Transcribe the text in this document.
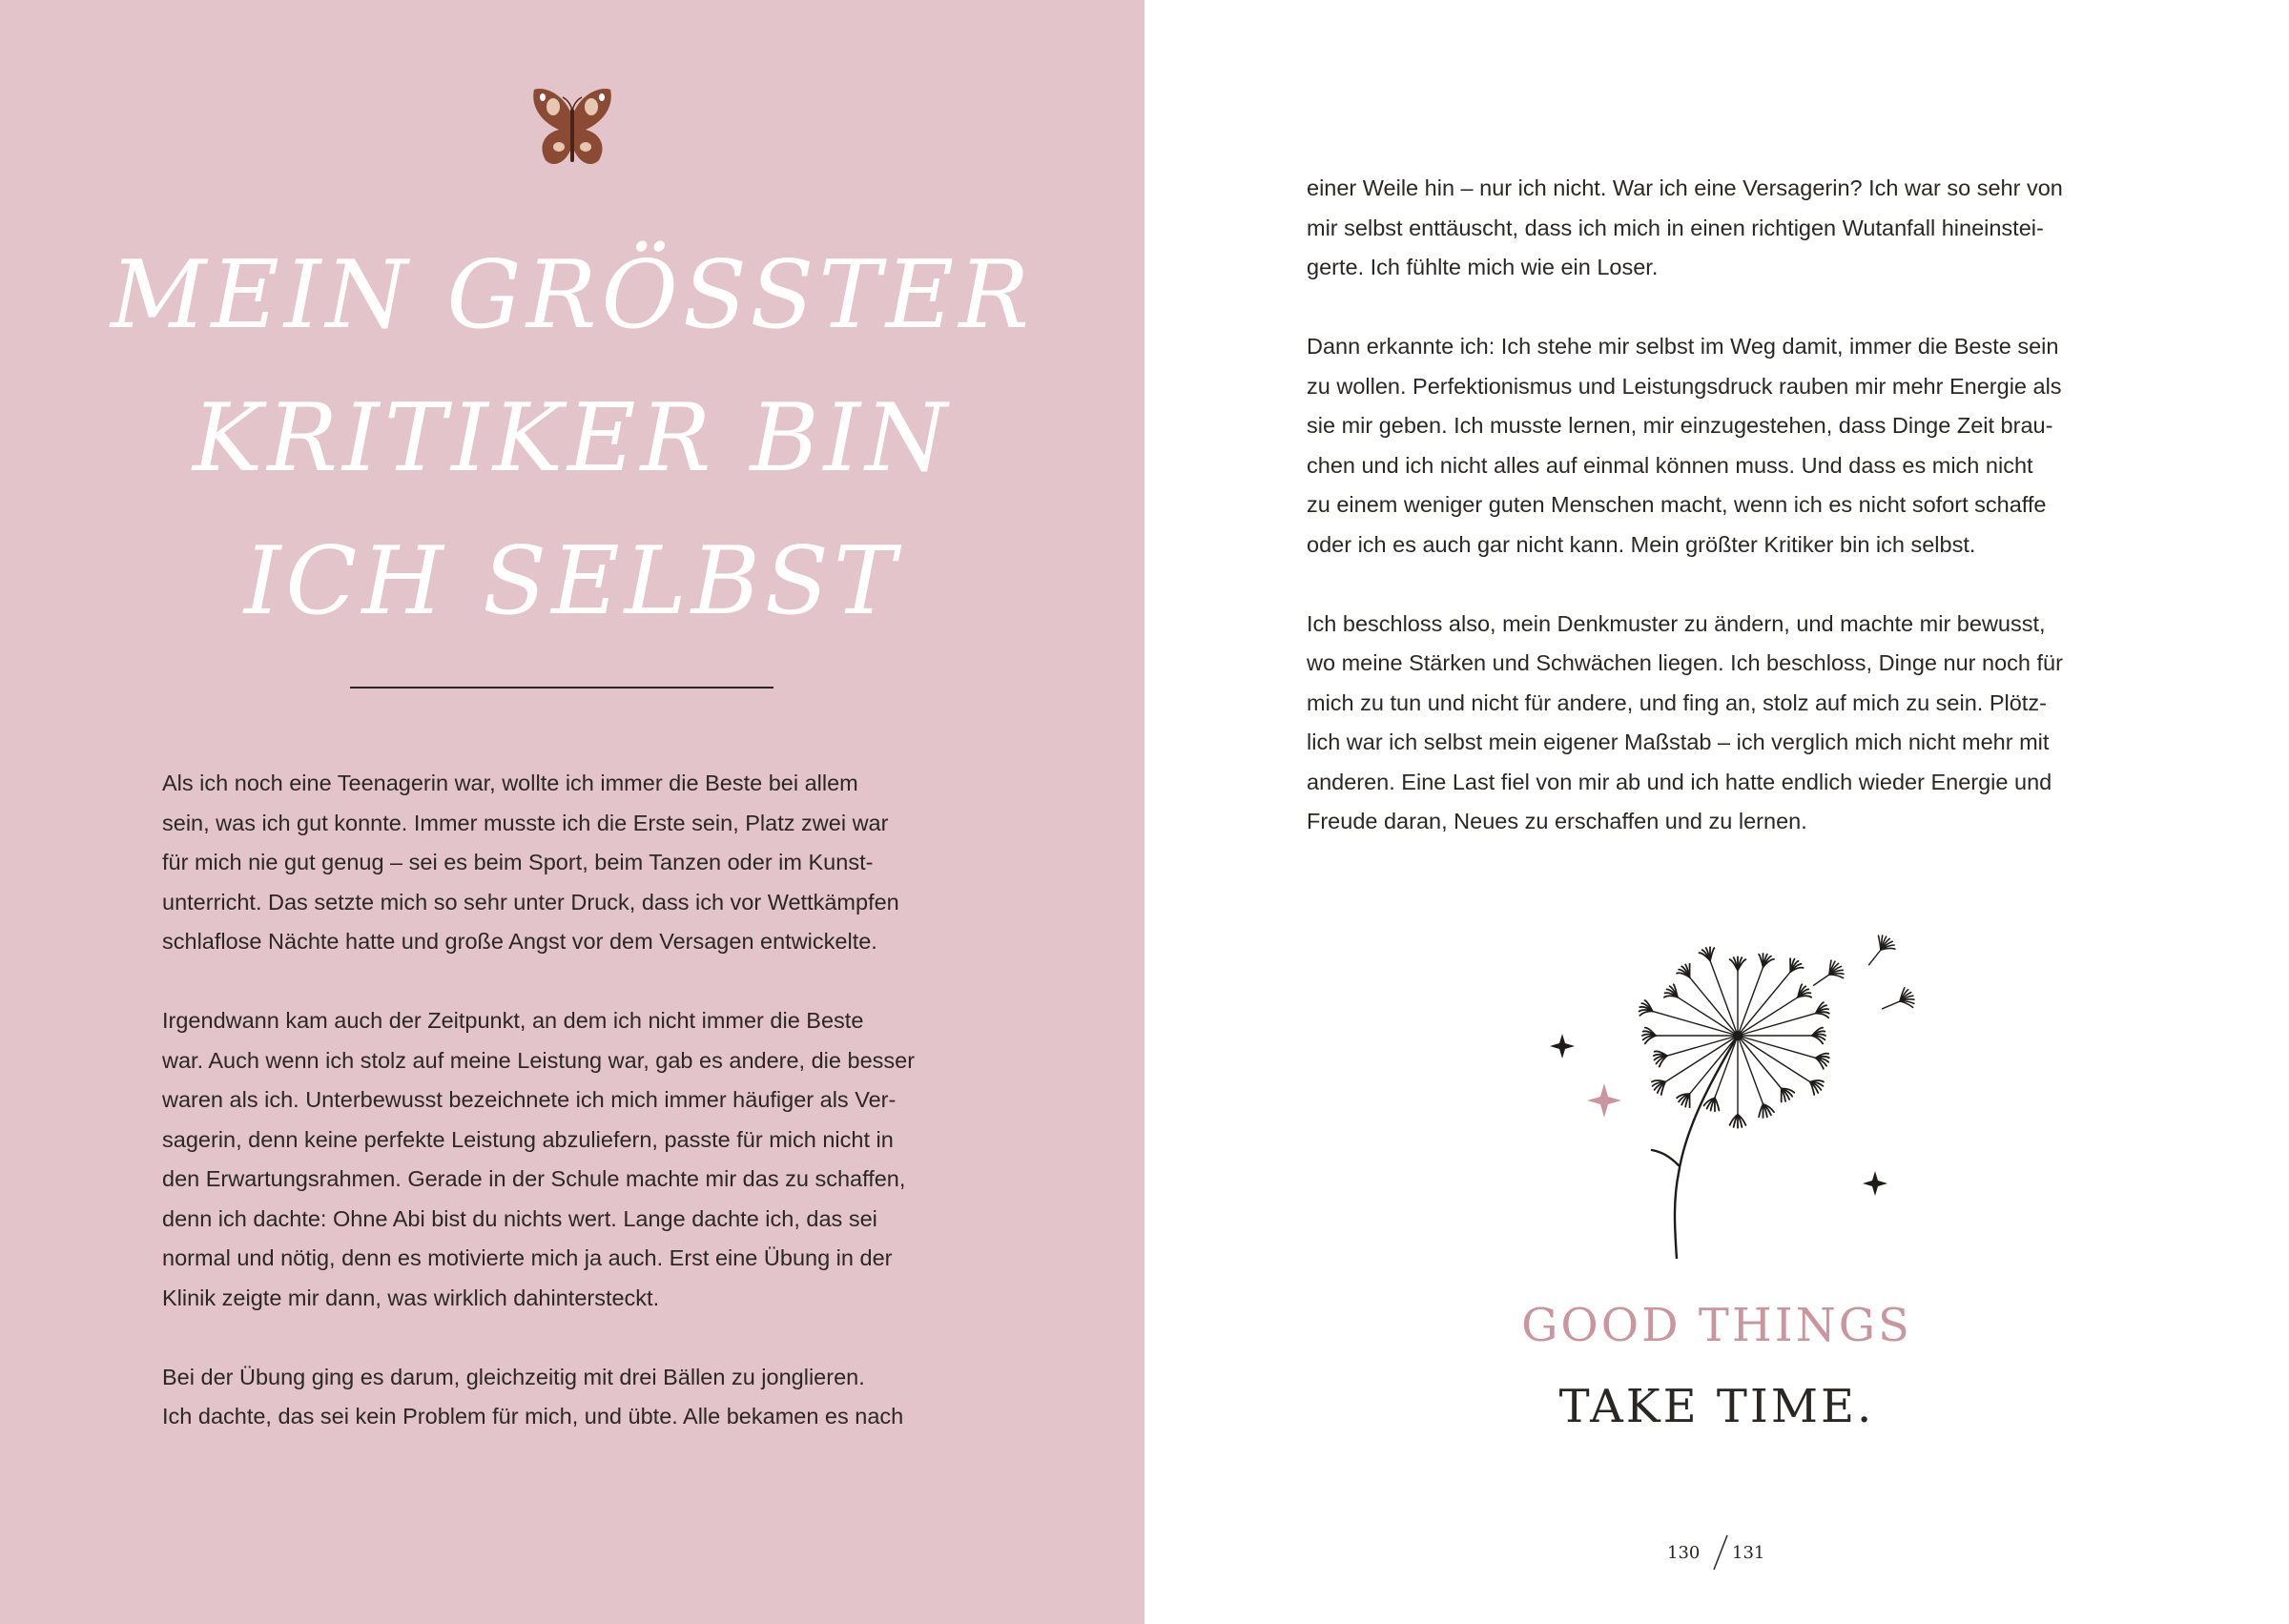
MEIN GRÖSSTER
KRITIKER BIN
ICH SELBST

Als ich noch eine Teenagerin war, wollte ich immer die Beste bei allem
sein, was ich gut konnte. Immer musste ich die Erste sein, Platz zwei war
für mich nie gut genug – sei es beim Sport, beim Tanzen oder im Kunst-
unterricht. Das setzte mich so sehr unter Druck, dass ich vor Wettkämpfen
schlaflose Nächte hatte und große Angst vor dem Versagen entwickelte.

Irgendwann kam auch der Zeitpunkt, an dem ich nicht immer die Beste
war. Auch wenn ich stolz auf meine Leistung war, gab es andere, die besser
waren als ich. Unterbewusst bezeichnete ich mich immer häufiger als Ver-
sagerin, denn keine perfekte Leistung abzuliefern, passte für mich nicht in
den Erwartungsrahmen. Gerade in der Schule machte mir das zu schaffen,
denn ich dachte: Ohne Abi bist du nichts wert. Lange dachte ich, das sei
normal und nötig, denn es motivierte mich ja auch. Erst eine Übung in der
Klinik zeigte mir dann, was wirklich dahintersteckt.

Bei der Übung ging es darum, gleichzeitig mit drei Bällen zu jonglieren.
Ich dachte, das sei kein Problem für mich, und übte. Alle bekamen es nach

einer Weile hin – nur ich nicht. War ich eine Versagerin? Ich war so sehr von
mir selbst enttäuscht, dass ich mich in einen richtigen Wutanfall hineinstei-
gerte. Ich fühlte mich wie ein Loser.

Dann erkannte ich: Ich stehe mir selbst im Weg damit, immer die Beste sein
zu wollen. Perfektionismus und Leistungsdruck rauben mir mehr Energie als
sie mir geben. Ich musste lernen, mir einzugestehen, dass Dinge Zeit brau-
chen und ich nicht alles auf einmal können muss. Und dass es mich nicht
zu einem weniger guten Menschen macht, wenn ich es nicht sofort schaffe
oder ich es auch gar nicht kann. Mein größter Kritiker bin ich selbst.

Ich beschloss also, mein Denkmuster zu ändern, und machte mir bewusst,
wo meine Stärken und Schwächen liegen. Ich beschloss, Dinge nur noch für
mich zu tun und nicht für andere, und fing an, stolz auf mich zu sein. Plötz-
lich war ich selbst mein eigener Maßstab – ich verglich mich nicht mehr mit
anderen. Eine Last fiel von mir ab und ich hatte endlich wieder Energie und
Freude daran, Neues zu erschaffen und zu lernen.

GOOD THINGS
TAKE TIME.
130 131
